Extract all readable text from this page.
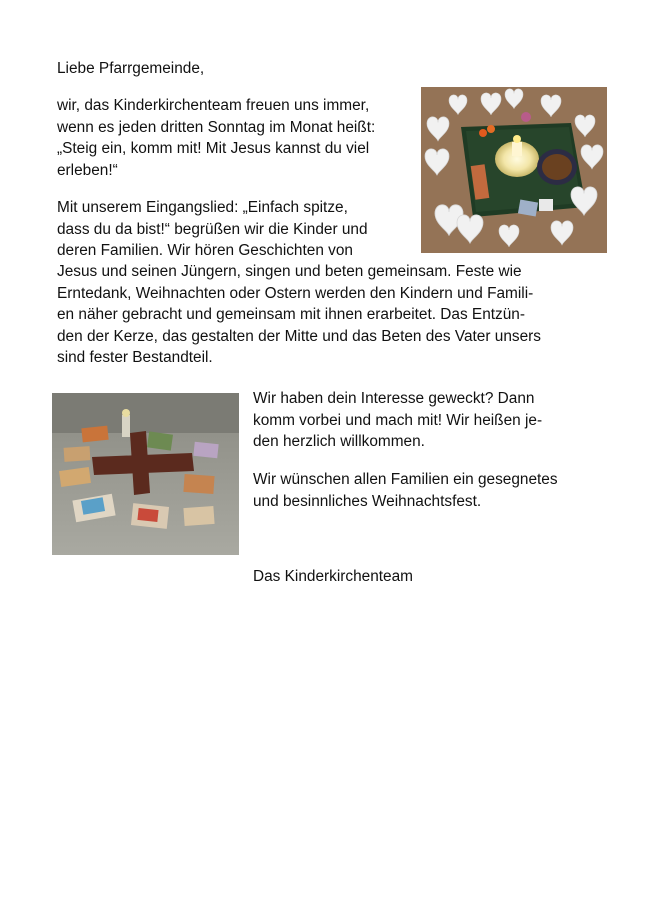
Liebe Pfarrgemeinde,

wir, das Kinderkirchenteam freuen uns immer,
wenn es jeden dritten Sonntag im Monat heißt:
„Steig ein, komm mit! Mit Jesus kannst du viel
erleben!“

Mit unserem Eingangslied: „Einfach spitze,
dass du da bist!“ begrüßen wir die Kinder und
deren Familien. Wir hören Geschichten von

Jesus und seinen Jüngern, singen und beten gemeinsam. Feste wie
Erntedank, Weihnachten oder Ostern werden den Kindern und Famili-
en näher gebracht und gemeinsam mit ihnen erarbeitet. Das Entzün-
den der Kerze, das gestalten der Mitte und das Beten des Vater unsers
sind fester Bestandteil.

Wir haben dein Interesse geweckt? Dann
komm vorbei und mach mit! Wir heißen je-
den herzlich willkommen.

Wir wünschen allen Familien ein gesegnetes
und besinnliches Weihnachtsfest.

Das Kinderkirchenteam
